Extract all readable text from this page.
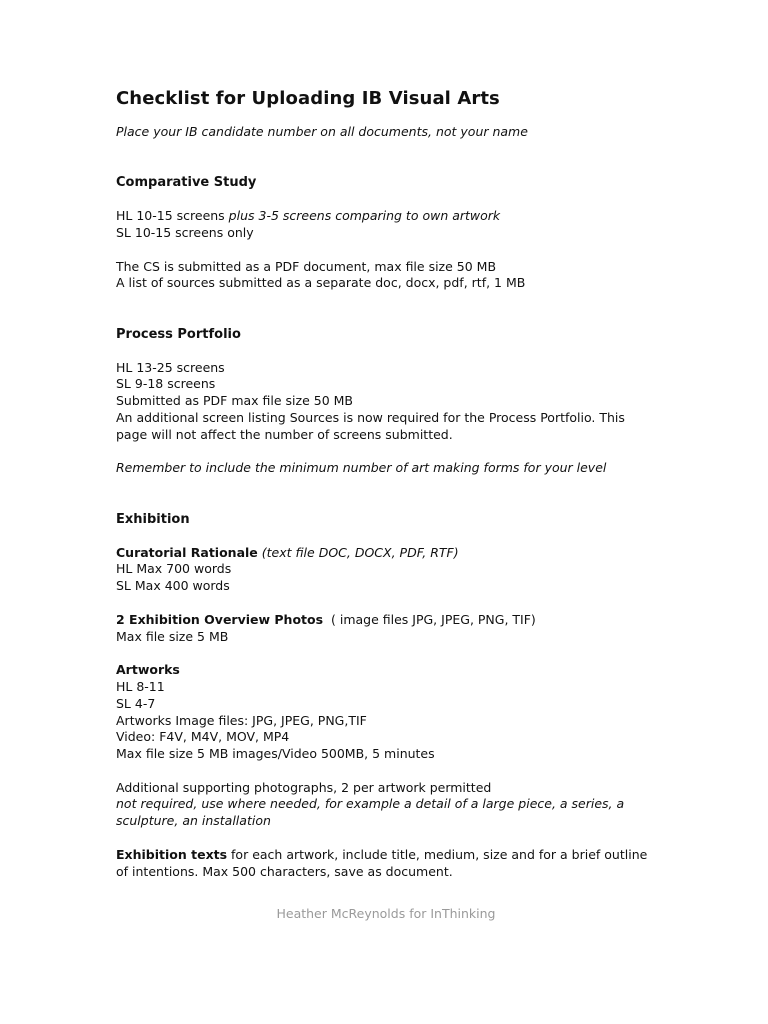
Checklist for Uploading IB Visual Arts
Place your IB candidate number on all documents, not your name
Comparative Study
HL 10-15 screens plus 3-5 screens comparing to own artwork
SL 10-15 screens only
The CS is submitted as a PDF document, max file size 50 MB
A list of sources submitted as a separate doc, docx, pdf, rtf, 1 MB
Process Portfolio
HL 13-25 screens
SL 9-18 screens
Submitted as PDF max file size 50 MB
An additional screen listing Sources is now required for the Process Portfolio. This page will not affect the number of screens submitted.
Remember to include the minimum number of art making forms for your level
Exhibition
Curatorial Rationale (text file DOC, DOCX, PDF, RTF)
HL Max 700 words
SL Max 400 words
2 Exhibition Overview Photos  ( image files JPG, JPEG, PNG, TIF)
Max file size 5 MB
Artworks
HL 8-11
SL 4-7
Artworks Image files: JPG, JPEG, PNG,TIF
Video: F4V, M4V, MOV, MP4
Max file size 5 MB images/Video 500MB, 5 minutes
Additional supporting photographs, 2 per artwork permitted
not required, use where needed, for example a detail of a large piece, a series, a sculpture, an installation
Exhibition texts for each artwork, include title, medium, size and for a brief outline of intentions. Max 500 characters, save as document.
Heather McReynolds for InThinking
